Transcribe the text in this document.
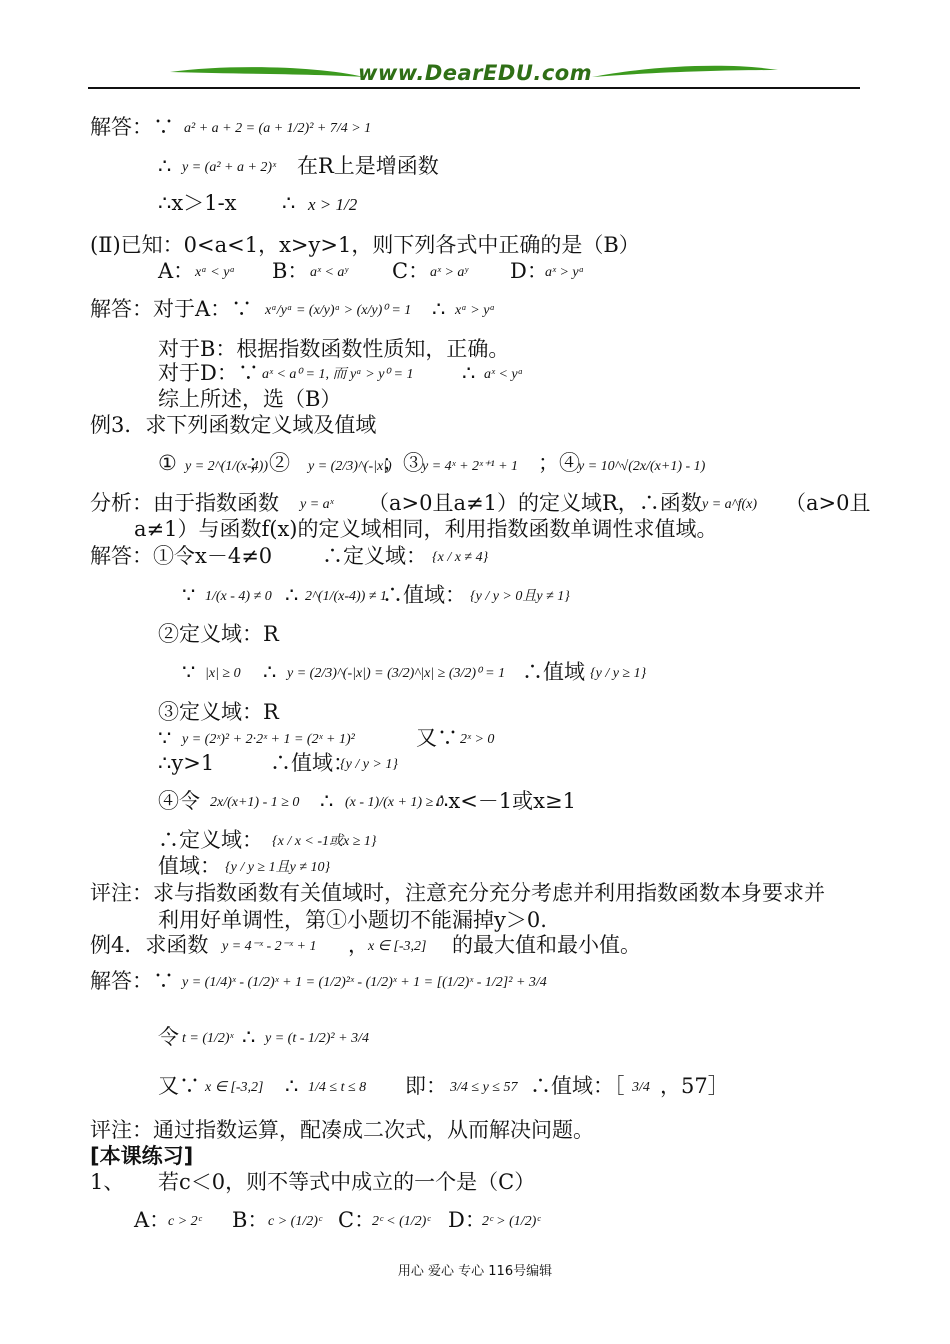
www.DearEDU.com
解答：∵ a² + a + 2 = (a + 1/2)² + 7/4 > 1
∴ y = (a² + a + 2)ˣ 在R上是增函数
∴x＞1-x ∴ x > 1/2
(Ⅱ)已知：0<a<1，x>y>1，则下列各式中正确的是（B）
A： xᵃ < yᵃ B： aˣ < aʸ C： aˣ > aʸ D：
aˣ > yᵃ
解答：对于A：∵ xᵃ/yᵃ = (x/y)ᵃ > (x/y)⁰ = 1 ∴ xᵃ > yᵃ
对于B：根据指数函数性质知，正确。
对于D：∵ aˣ < a⁰ = 1, 而 yᵃ > y⁰ = 1 ∴ aˣ < yᵃ
综上所述，选（B）
例3．求下列函数定义域及值域
① y = 2^(1/(x-4))
；② y = (2/3)^(-|x|)
；③
y = 4ˣ + 2ˣ⁺¹ + 1 ；④
y = 10^√(2x/(x+1) - 1)
分析：由于指数函数 y = aˣ （a>0且a≠1）的定义域R，∴函数 y = a^f(x) （a>0且
a≠1）与函数f(x)的定义域相同，利用指数函数单调性求值域。
解答：①令x－4≠0 ∴定义域： {x / x ≠ 4}
∵ 1/(x - 4) ≠ 0 ∴ 2^(1/(x-4)) ≠ 1
∴值域： {y / y > 0且y ≠ 1}
②定义域：R
∵ |x| ≥ 0 ∴ y = (2/3)^(-|x|) = (3/2)^|x| ≥ (3/2)⁰ = 1 ∴值域 {y / y ≥ 1}
③定义域：R
∵ y = (2ˣ)² + 2·2ˣ + 1 = (2ˣ + 1)²	又∵ 2ˣ > 0
∴y>1	∴值域：
{y / y > 1}
④令 2x/(x+1) - 1 ≥ 0 ∴ (x - 1)/(x + 1) ≥ 0
∴x<－1或x≥1
∴定义域： {x / x < -1或x ≥ 1}
值域： {y / y ≥ 1且y ≠ 10}
评注：求与指数函数有关值域时，注意充分充分考虑并利用指数函数本身要求并
利用好单调性，第①小题切不能漏掉y＞0.
例4．求函数 y = 4⁻ˣ - 2⁻ˣ + 1 ， x ∈ [-3,2] 的最大值和最小值。
解答：∵ y = (1/4)ˣ - (1/2)ˣ + 1 = (1/2)²ˣ - (1/2)ˣ + 1 = [(1/2)ˣ - 1/2]² + 3/4
令 t = (1/2)ˣ ∴ y = (t - 1/2)² + 3/4
又∵ x ∈ [-3,2] ∴ 1/4 ≤ t ≤ 8 即： 3/4 ≤ y ≤ 57 ∴值域：［ 3/4 ，57］
评注：通过指数运算，配凑成二次式，从而解决问题。
[本课练习]
1、 若c＜0，则不等式中成立的一个是（C）
A：
c > 2ᶜ B： c > (1/2)ᶜ C：
2ᶜ < (1/2)ᶜ D：
2ᶜ > (1/2)ᶜ
用心 爱心 专心 116号编辑
